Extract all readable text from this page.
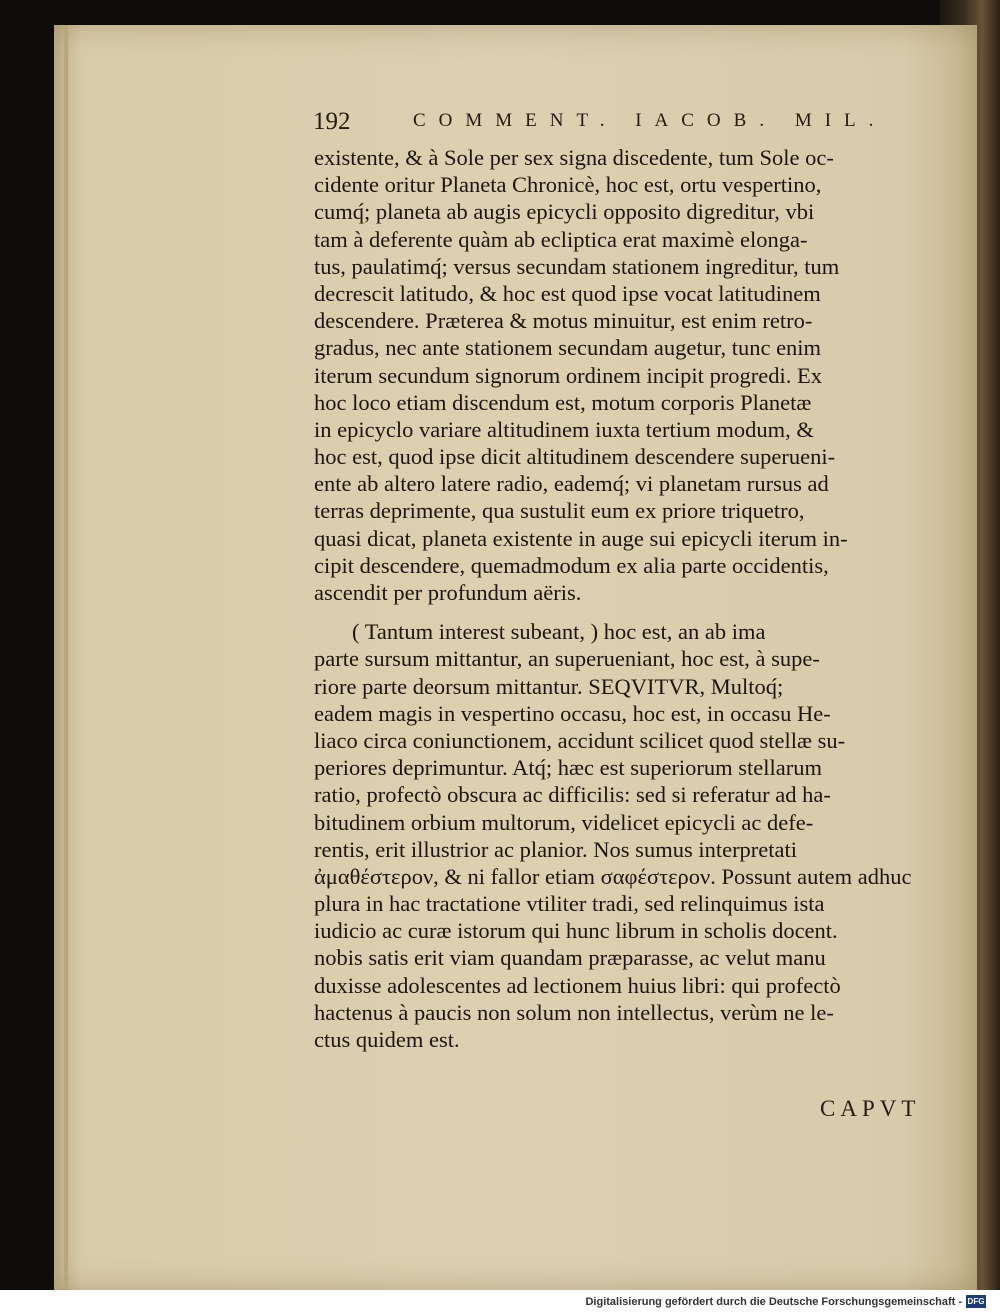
192	COMMENT. IACOB. MIL.
existente, & à Sole per sex signa discedente, tum Sole oc-
cidente oritur Planeta Chronicè, hoc est, ortu vespertino,
cumq́; planeta ab augis epicycli opposito digreditur, vbi
tam à deferente quàm ab ecliptica erat maximè elonga-
tus, paulatimq́; versus secundam stationem ingreditur, tum
decrescit latitudo, & hoc est quod ipse vocat latitudinem
descendere. Præterea & motus minuitur, est enim retro-
gradus, nec ante stationem secundam augetur, tunc enim
iterum secundum signorum ordinem incipit progredi. Ex
hoc loco etiam discendum est, motum corporis Planetæ
in epicyclo variare altitudinem iuxta tertium modum, &
hoc est, quod ipse dicit altitudinem descendere superueni-
ente ab altero latere radio, eademq́; vi planetam rursus ad
terras deprimente, qua sustulit eum ex priore triquetro,
quasi dicat, planeta existente in auge sui epicycli iterum in-
cipit descendere, quemadmodum ex alia parte occidentis,
ascendit per profundum aëris.
( Tantum interest subeant, ) hoc est, an ab ima
parte sursum mittantur, an superueniant, hoc est, à supe-
riore parte deorsum mittantur. SEQVITVR, Multoq́;
eadem magis in vespertino occasu, hoc est, in occasu He-
liaco circa coniunctionem, accidunt scilicet quod stellæ su-
periores deprimuntur. Atq́; hæc est superiorum stellarum
ratio, profectò obscura ac difficilis: sed si referatur ad ha-
bitudinem orbium multorum, videlicet epicycli ac defe-
rentis, erit illustrior ac planior. Nos sumus interpretati
ἀμαθέστερον, & ni fallor etiam σαφέστερον. Possunt autem adhuc
plura in hac tractatione vtiliter tradi, sed relinquimus ista
iudicio ac curæ istorum qui hunc librum in scholis docent.
nobis satis erit viam quandam præparasse, ac velut manu
duxisse adolescentes ad lectionem huius libri: qui profectò
hactenus à paucis non solum non intellectus, verùm ne le-
ctus quidem est.
CAPVT
Digitalisierung gefördert durch die Deutsche Forschungsgemeinschaft - DFG
